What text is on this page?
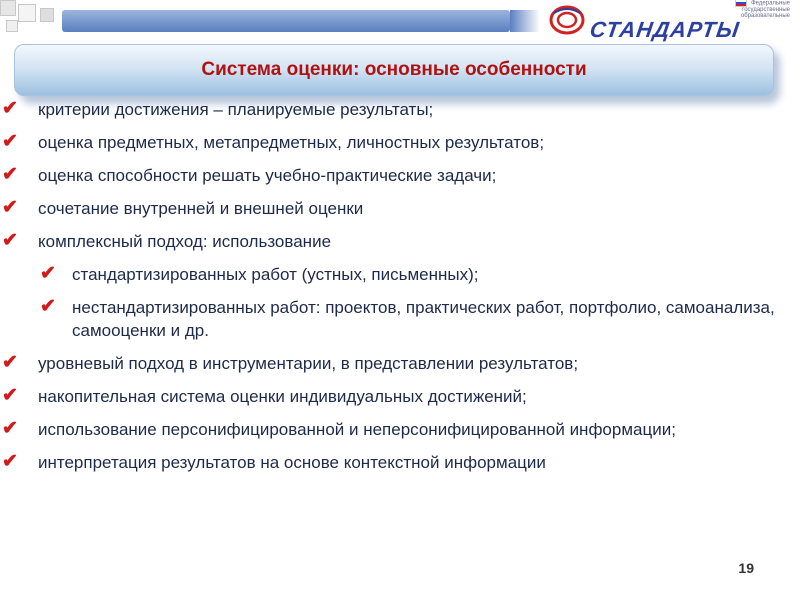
Федеральные
государственные
образовательные
СТАНДАРТЫ
Система оценки: основные особенности
✔ критерии достижения – планируемые результаты;
✔ оценка предметных, метапредметных, личностных результатов;
✔ оценка способности решать учебно-практические задачи;
✔ сочетание внутренней и внешней оценки
✔ комплексный подход: использование
✔ стандартизированных работ (устных, письменных);
✔ нестандартизированных работ: проектов, практических работ, портфолио, самоанализа, самооценки и др.
✔ уровневый подход в инструментарии, в представлении результатов;
✔ накопительная система оценки индивидуальных достижений;
✔ использование персонифицированной и неперсонифицированной информации;
✔ интерпретация результатов на основе контекстной информации
19
